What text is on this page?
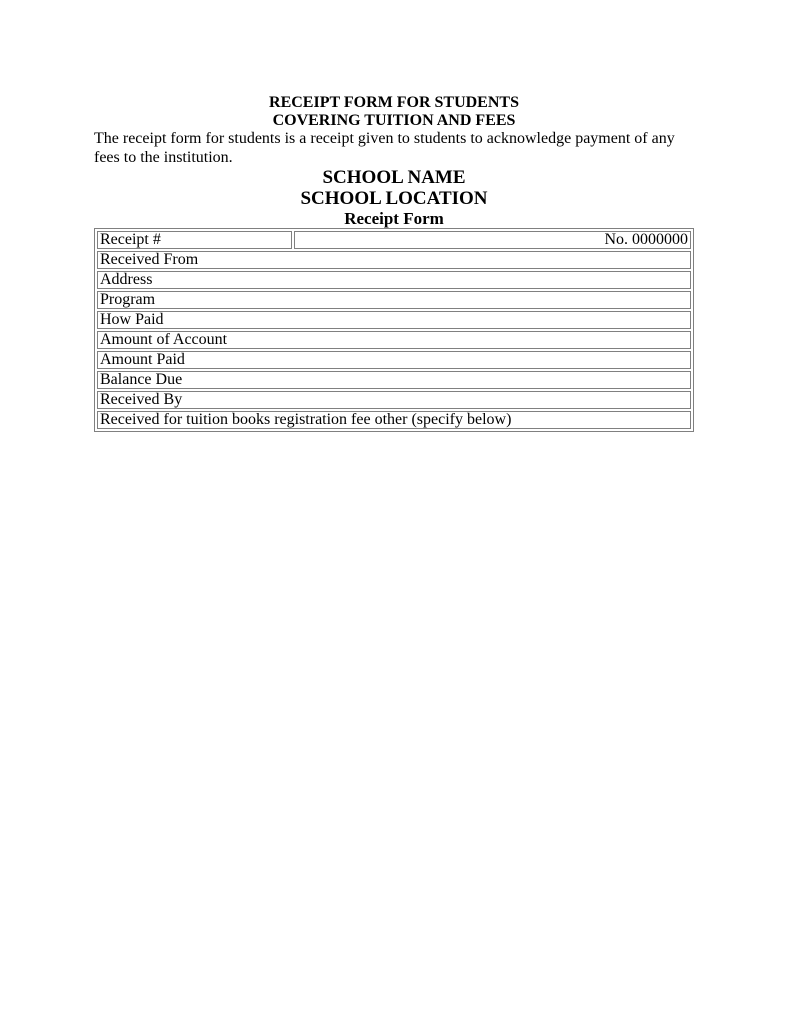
RECEIPT FORM FOR STUDENTS
COVERING TUITION AND FEES

The receipt form for students is a receipt given to students to acknowledge payment of any fees to the institution.

SCHOOL NAME
SCHOOL LOCATION
Receipt Form
Receipt #	No. 0000000
Received From
Address
Program
How Paid
Amount of Account
Amount Paid
Balance Due
Received By
Received for tuition books registration fee other (specify below)
